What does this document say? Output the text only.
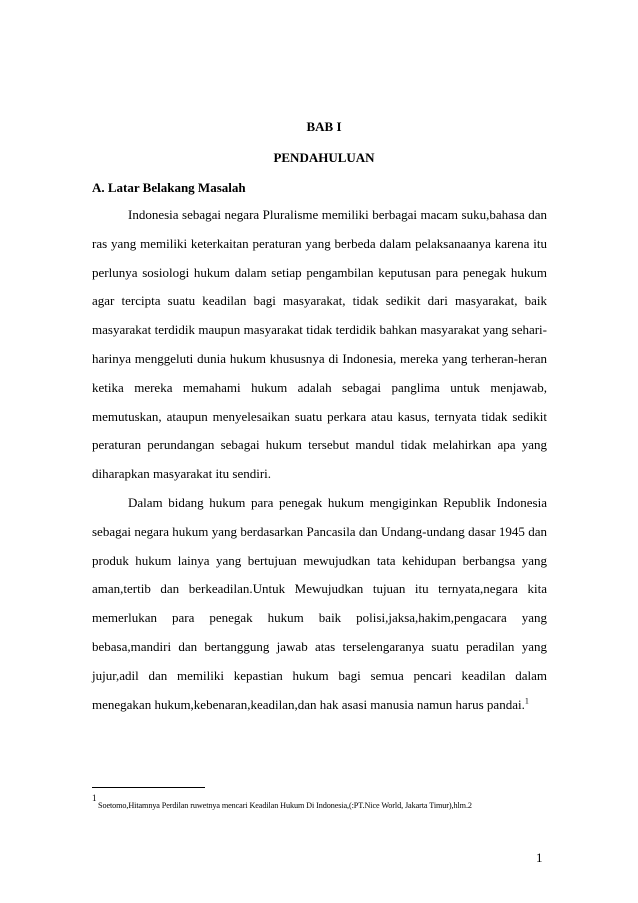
BAB I
PENDAHULUAN
A. Latar Belakang Masalah

Indonesia sebagai negara Pluralisme memiliki berbagai macam suku,bahasa dan ras yang memiliki keterkaitan peraturan yang berbeda dalam pelaksanaanya karena itu perlunya sosiologi hukum dalam setiap pengambilan keputusan para penegak hukum agar tercipta suatu keadilan bagi masyarakat, tidak sedikit dari masyarakat, baik masyarakat terdidik maupun masyarakat tidak terdidik bahkan masyarakat yang sehari-harinya menggeluti dunia hukum khususnya di Indonesia, mereka yang terheran-heran ketika mereka memahami hukum adalah sebagai panglima untuk menjawab, memutuskan, ataupun menyelesaikan suatu perkara atau kasus, ternyata tidak sedikit peraturan perundangan sebagai hukum tersebut mandul tidak melahirkan apa yang diharapkan masyarakat itu sendiri.

Dalam bidang hukum para penegak hukum mengiginkan Republik Indonesia sebagai negara hukum yang berdasarkan Pancasila dan Undang-undang dasar 1945 dan produk hukum lainya yang bertujuan mewujudkan tata kehidupan berbangsa yang aman,tertib dan berkeadilan.Untuk Mewujudkan tujuan itu ternyata,negara kita memerlukan para penegak hukum baik polisi,jaksa,hakim,pengacara yang bebasa,mandiri dan bertanggung jawab atas terselengaranya suatu peradilan yang jujur,adil dan memiliki kepastian hukum bagi semua pencari keadilan dalam menegakan hukum,kebenaran,keadilan,dan hak asasi manusia namun harus pandai.$^1$

1
Soetomo,Hitamnya Perdilan ruwetnya mencari Keadilan Hukum Di Indonesia,(:PT.Nice World, Jakarta Timur),hlm.2
1
